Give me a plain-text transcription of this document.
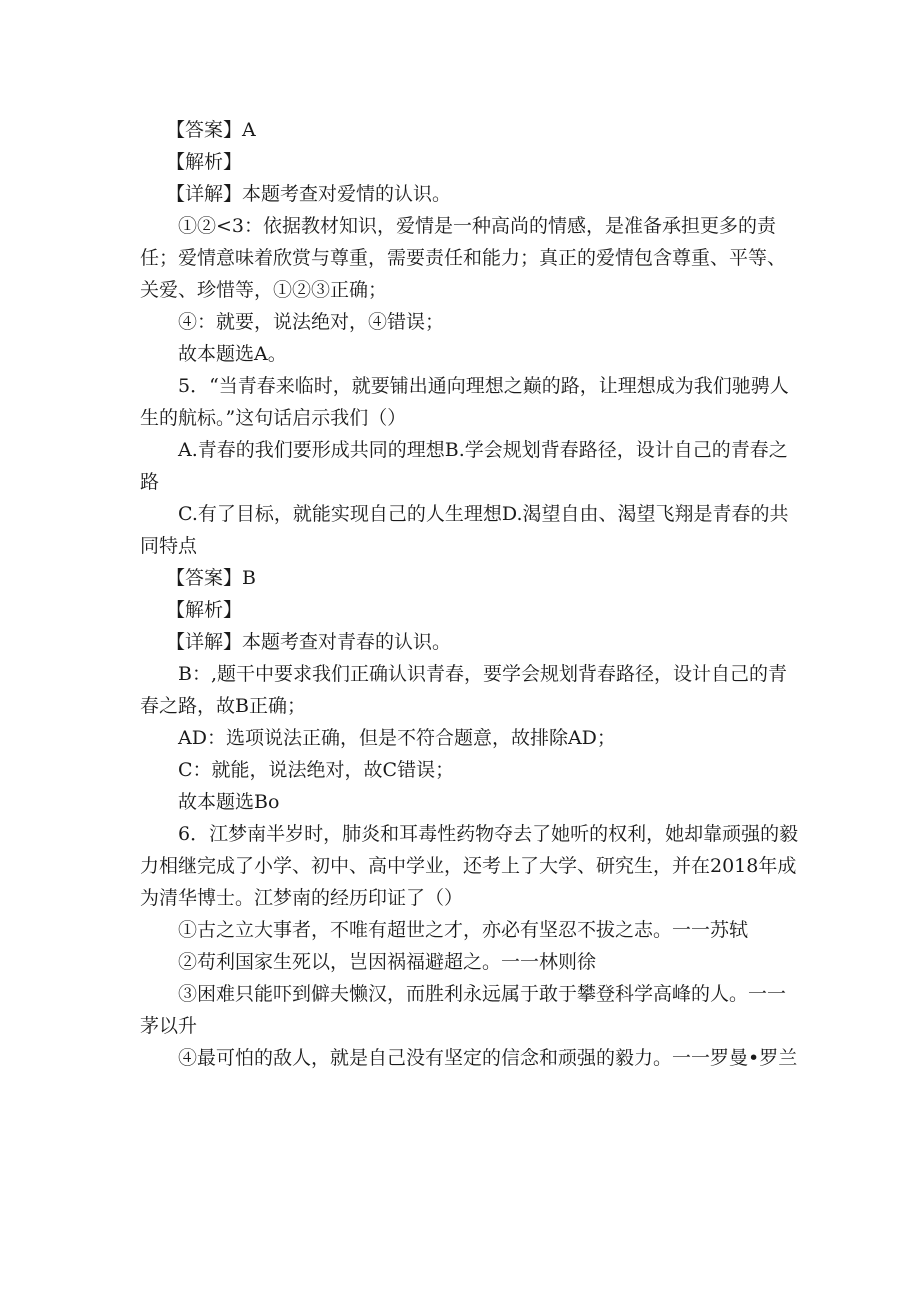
【答案】A

【解析】

【详解】本题考查对爱情的认识。

①②<3：依据教材知识，爱情是一种高尚的情感，是准备承担更多的责任；爱情意味着欣赏与尊重，需要责任和能力；真正的爱情包含尊重、平等、关爱、珍惜等，①②③正确；

④：就要，说法绝对，④错误；

故本题选A。

5．“当青春来临时，就要铺出通向理想之巅的路，让理想成为我们驰骋人生的航标。”这句话启示我们（）

A.青春的我们要形成共同的理想B.学会规划背春路径，设计自己的青春之路

C.有了目标，就能实现自己的人生理想D.渴望自由、渴望飞翔是青春的共同特点

【答案】B

【解析】

【详解】本题考查对青春的认识。

B：,题干中要求我们正确认识青春，要学会规划背春路径，设计自己的青春之路，故B正确；

AD：选项说法正确，但是不符合题意，故排除AD；

C：就能，说法绝对，故C错误；

故本题选Bo

6．江梦南半岁时，肺炎和耳毒性药物夺去了她听的权利，她却靠顽强的毅力相继完成了小学、初中、高中学业，还考上了大学、研究生，并在2018年成为清华博士。江梦南的经历印证了（）

①古之立大事者，不唯有超世之才，亦必有坚忍不拔之志。一一苏轼

②苟利国家生死以，岂因祸福避超之。一一林则徐

③困难只能吓到僻夫懒汉，而胜利永远属于敢于攀登科学高峰的人。一一茅以升

④最可怕的敌人，就是自己没有坚定的信念和顽强的毅力。一一罗曼•罗兰
